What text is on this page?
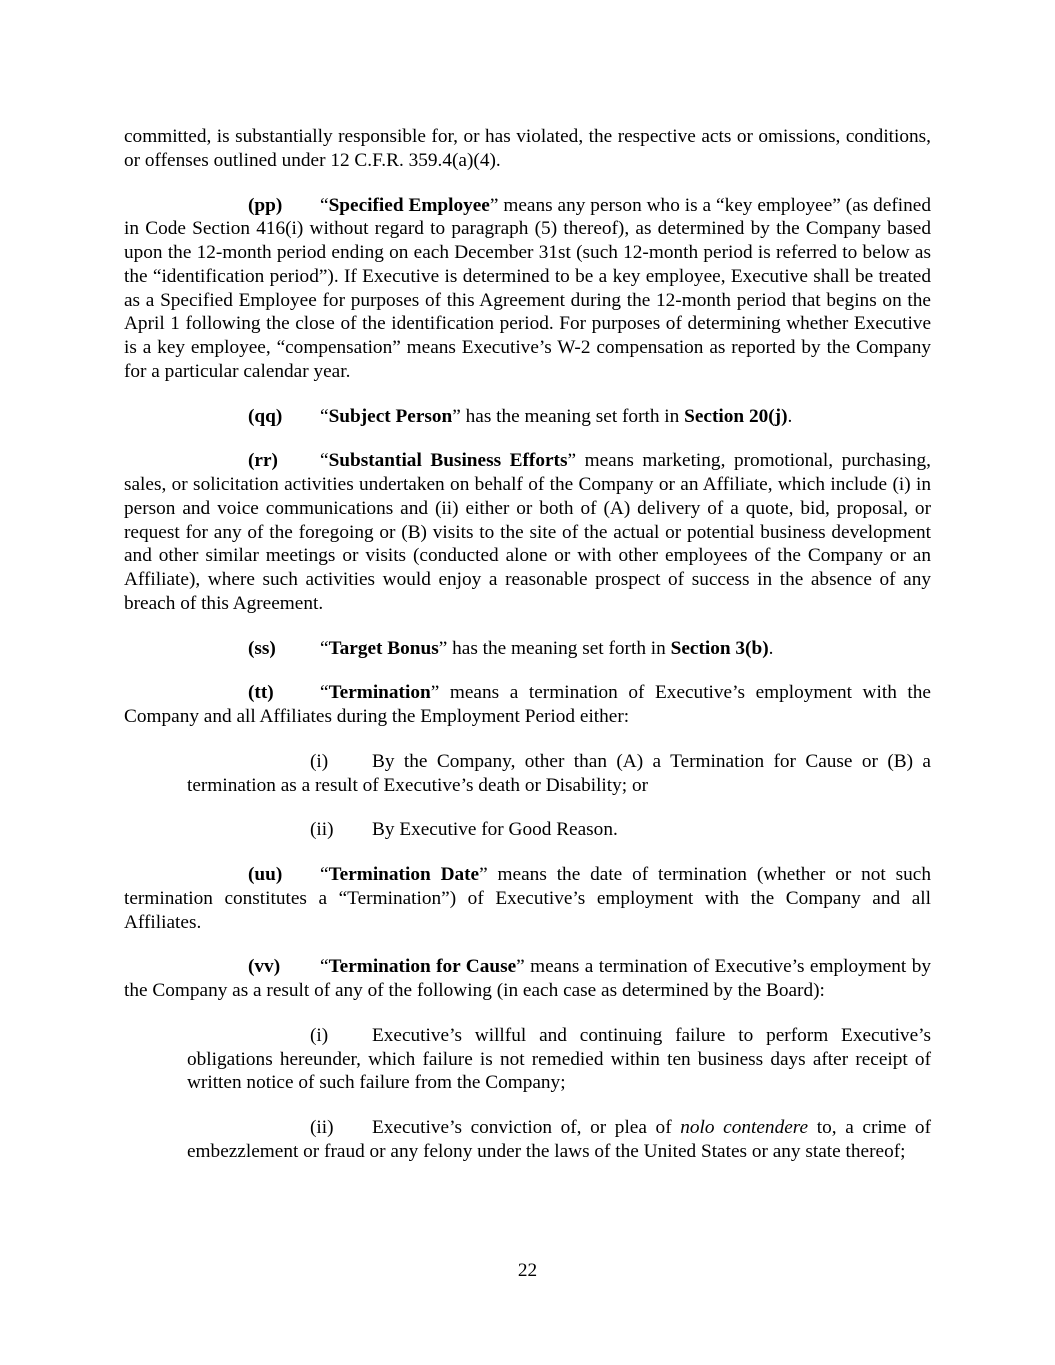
committed, is substantially responsible for, or has violated, the respective acts or omissions, conditions, or offenses outlined under 12 C.F.R. 359.4(a)(4).

(pp) “Specified Employee” means any person who is a “key employee” (as defined in Code Section 416(i) without regard to paragraph (5) thereof), as determined by the Company based upon the 12-month period ending on each December 31st (such 12-month period is referred to below as the “identification period”). If Executive is determined to be a key employee, Executive shall be treated as a Specified Employee for purposes of this Agreement during the 12-month period that begins on the April 1 following the close of the identification period. For purposes of determining whether Executive is a key employee, “compensation” means Executive’s W-2 compensation as reported by the Company for a particular calendar year.

(qq) “Subject Person” has the meaning set forth in Section 20(j).

(rr) “Substantial Business Efforts” means marketing, promotional, purchasing, sales, or solicitation activities undertaken on behalf of the Company or an Affiliate, which include (i) in person and voice communications and (ii) either or both of (A) delivery of a quote, bid, proposal, or request for any of the foregoing or (B) visits to the site of the actual or potential business development and other similar meetings or visits (conducted alone or with other employees of the Company or an Affiliate), where such activities would enjoy a reasonable prospect of success in the absence of any breach of this Agreement.

(ss) “Target Bonus” has the meaning set forth in Section 3(b).

(tt) “Termination” means a termination of Executive’s employment with the Company and all Affiliates during the Employment Period either:

(i) By the Company, other than (A) a Termination for Cause or (B) a termination as a result of Executive’s death or Disability; or

(ii) By Executive for Good Reason.

(uu) “Termination Date” means the date of termination (whether or not such termination constitutes a “Termination”) of Executive’s employment with the Company and all Affiliates.

(vv) “Termination for Cause” means a termination of Executive’s employment by the Company as a result of any of the following (in each case as determined by the Board):

(i) Executive’s willful and continuing failure to perform Executive’s obligations hereunder, which failure is not remedied within ten business days after receipt of written notice of such failure from the Company;

(ii) Executive’s conviction of, or plea of nolo contendere to, a crime of embezzlement or fraud or any felony under the laws of the United States or any state thereof;

22
